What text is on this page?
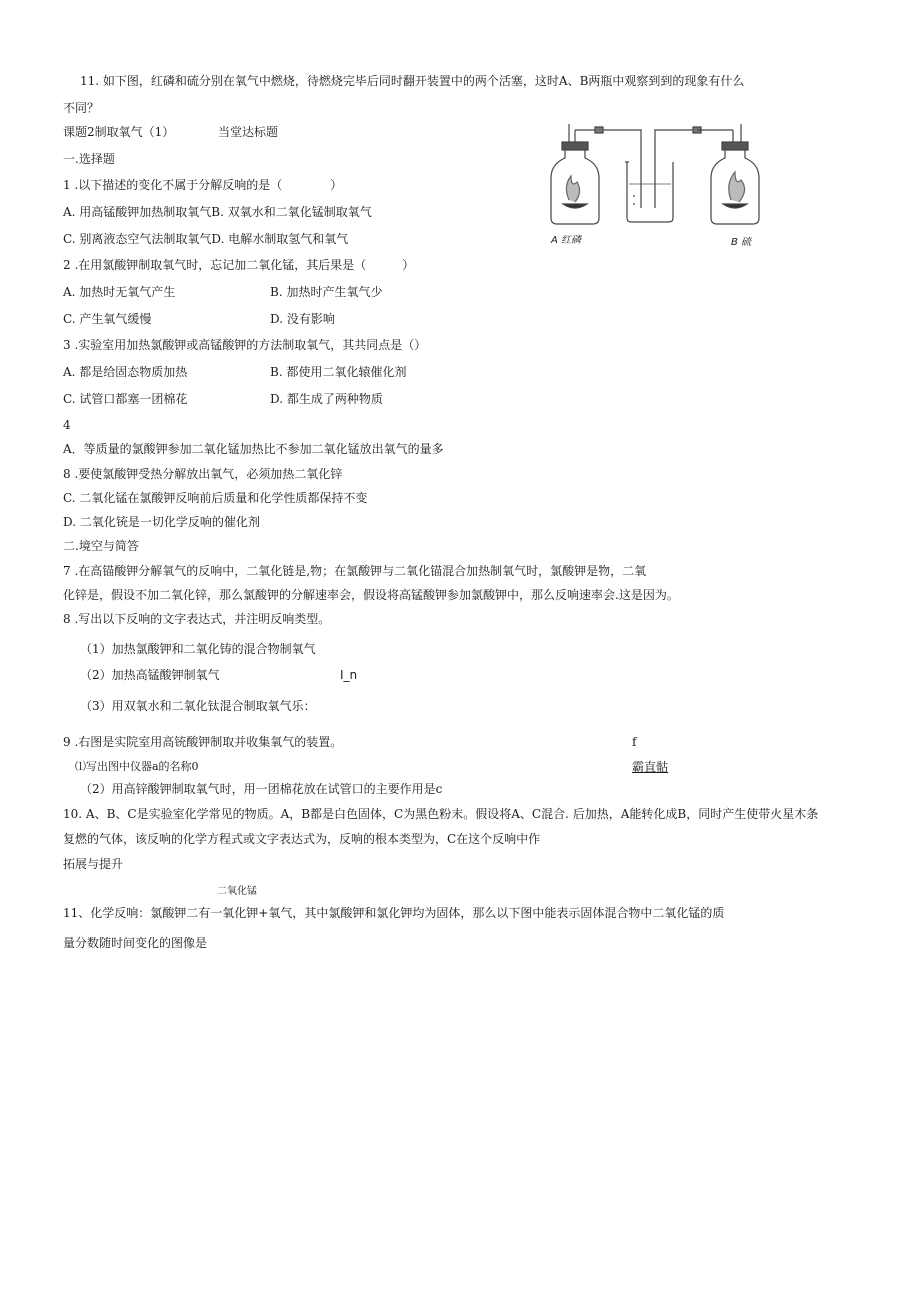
11. 如下图，红磷和硫分别在氧气中燃烧，待燃烧完毕后同时翻开装置中的两个活塞，这时A、B两瓶中观察到到的现象有什么
不同？
课题2制取氧气（1）	当堂达标题
A 红磷	B 硫
一.选择题
1 .以下描述的变化不属于分解反响的是（　　　　）
A. 用高锰酸钾加热制取氧气B. 双氧水和二氧化锰制取氧气
C. 别离液态空气法制取氧气D. 电解水制取氢气和氧气
2 .在用氯酸钾制取氧气时，忘记加二氧化锰，其后果是（　　　）
A. 加热时无氧气产生	B. 加热时产生氧气少
C. 产生氧气缓慢	D. 没有影响
3 .实验室用加热氯酸钾或高锰酸钾的方法制取氧气，其共同点是（）
A. 都是给固态物质加热	B. 都使用二氧化辕催化剂
C. 试管口都塞一团棉花	D. 都生成了两种物质
4
A．等质量的氯酸钾参加二氧化锰加热比不参加二氧化锰放出氧气的量多
8 .要使氯酸钾受热分解放出氧气，必须加热二氧化锌
C. 二氧化锰在氯酸钾反响前后质量和化学性质都保持不变
D. 二氧化铳是一切化学反响的催化剂
二.境空与简答
7 .在高锚酸钾分解氧气的反响中，二氧化链是,物；在氯酸钾与二氧化锚混合加热制氧气时，氯酸钾是物，二氧
化锌是，假设不加二氧化锌，那么氯酸钾的分解速率会，假设将高锰酸钾参加氯酸钾中，那么反响速率会.这是因为。
8 .写出以下反响的文字表达式，并注明反响类型。
（1）加热氯酸钾和二氧化铸的混合物制氧气
（2）加热高锰酸钾制氧气	I_n
（3）用双氧水和二氧化钛混合制取氧气乐：
9 .右图是实院室用高铳酸钾制取并收集氧气的装置。	f
⑴写出图中仪器a的名称0	霸直骷
（2）用高锌酸钾制取氧气时，用一团棉花放在试管口的主要作用是c
10. A、B、C是实验室化学常见的物质。A，B都是白色固体，C为黑色粉末。假设将A、C混合. 后加热，A能转化成B，同时产生使带火星木条
复燃的气体，该反响的化学方程式或文字表达式为，反响的根本类型为，C在这个反响中作
拓展与提升
二氧化锰
11、化学反响：氯酸钾二有一氧化钾+氧气，其中氯酸钾和氯化钾均为固体，那么以下图中能表示固体混合物中二氧化锰的质
量分数随时间变化的图像是
